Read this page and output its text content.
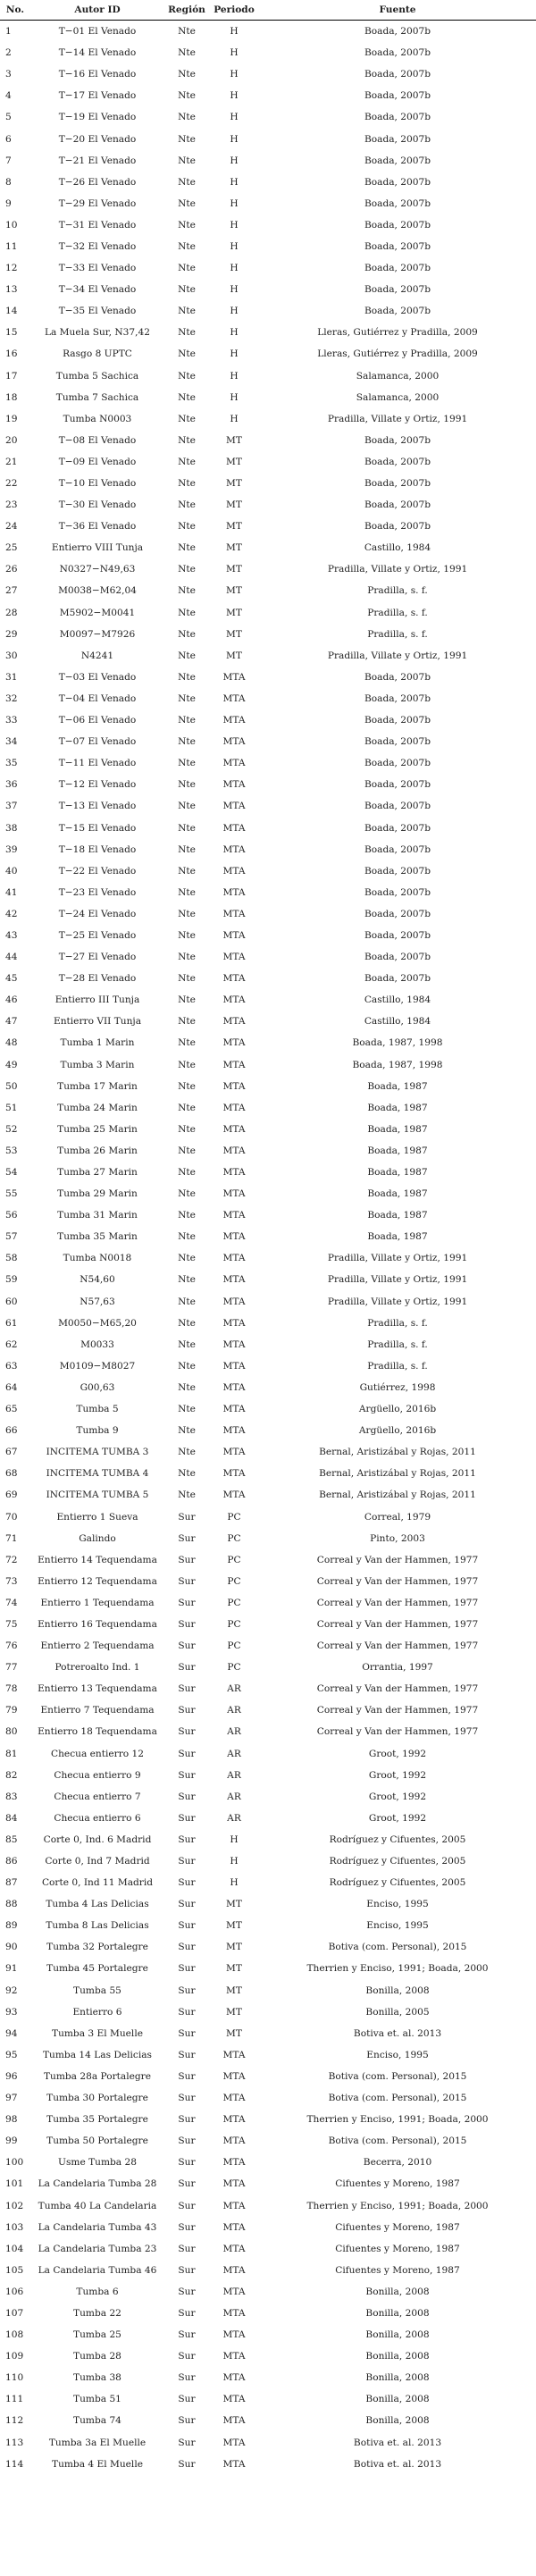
No.	Autor ID	Región	Periodo	Fuente
1	T−01 El Venado	Nte	H	Boada, 2007b
2	T−14 El Venado	Nte	H	Boada, 2007b
3	T−16 El Venado	Nte	H	Boada, 2007b
4	T−17 El Venado	Nte	H	Boada, 2007b
5	T−19 El Venado	Nte	H	Boada, 2007b
6	T−20 El Venado	Nte	H	Boada, 2007b
7	T−21 El Venado	Nte	H	Boada, 2007b
8	T−26 El Venado	Nte	H	Boada, 2007b
9	T−29 El Venado	Nte	H	Boada, 2007b
10	T−31 El Venado	Nte	H	Boada, 2007b
11	T−32 El Venado	Nte	H	Boada, 2007b
12	T−33 El Venado	Nte	H	Boada, 2007b
13	T−34 El Venado	Nte	H	Boada, 2007b
14	T−35 El Venado	Nte	H	Boada, 2007b
15	La Muela Sur, N37,42	Nte	H	Lleras, Gutiérrez y Pradilla, 2009
16	Rasgo 8 UPTC	Nte	H	Lleras, Gutiérrez y Pradilla, 2009
17	Tumba 5 Sachica	Nte	H	Salamanca, 2000
18	Tumba 7 Sachica	Nte	H	Salamanca, 2000
19	Tumba N0003	Nte	H	Pradilla, Villate y Ortiz, 1991
20	T−08 El Venado	Nte	MT	Boada, 2007b
21	T−09 El Venado	Nte	MT	Boada, 2007b
22	T−10 El Venado	Nte	MT	Boada, 2007b
23	T−30 El Venado	Nte	MT	Boada, 2007b
24	T−36 El Venado	Nte	MT	Boada, 2007b
25	Entierro VIII Tunja	Nte	MT	Castillo, 1984
26	N0327−N49,63	Nte	MT	Pradilla, Villate y Ortiz, 1991
27	M0038−M62,04	Nte	MT	Pradilla, s. f.
28	M5902−M0041	Nte	MT	Pradilla, s. f.
29	M0097−M7926	Nte	MT	Pradilla, s. f.
30	N4241	Nte	MT	Pradilla, Villate y Ortiz, 1991
31	T−03 El Venado	Nte	MTA	Boada, 2007b
32	T−04 El Venado	Nte	MTA	Boada, 2007b
33	T−06 El Venado	Nte	MTA	Boada, 2007b
34	T−07 El Venado	Nte	MTA	Boada, 2007b
35	T−11 El Venado	Nte	MTA	Boada, 2007b
36	T−12 El Venado	Nte	MTA	Boada, 2007b
37	T−13 El Venado	Nte	MTA	Boada, 2007b
38	T−15 El Venado	Nte	MTA	Boada, 2007b
39	T−18 El Venado	Nte	MTA	Boada, 2007b
40	T−22 El Venado	Nte	MTA	Boada, 2007b
41	T−23 El Venado	Nte	MTA	Boada, 2007b
42	T−24 El Venado	Nte	MTA	Boada, 2007b
43	T−25 El Venado	Nte	MTA	Boada, 2007b
44	T−27 El Venado	Nte	MTA	Boada, 2007b
45	T−28 El Venado	Nte	MTA	Boada, 2007b
46	Entierro III Tunja	Nte	MTA	Castillo, 1984
47	Entierro VII Tunja	Nte	MTA	Castillo, 1984
48	Tumba 1 Marin	Nte	MTA	Boada, 1987, 1998
49	Tumba 3 Marin	Nte	MTA	Boada, 1987, 1998
50	Tumba 17 Marin	Nte	MTA	Boada, 1987
51	Tumba 24 Marin	Nte	MTA	Boada, 1987
52	Tumba 25 Marin	Nte	MTA	Boada, 1987
53	Tumba 26 Marin	Nte	MTA	Boada, 1987
54	Tumba 27 Marin	Nte	MTA	Boada, 1987
55	Tumba 29 Marin	Nte	MTA	Boada, 1987
56	Tumba 31 Marin	Nte	MTA	Boada, 1987
57	Tumba 35 Marin	Nte	MTA	Boada, 1987
58	Tumba N0018	Nte	MTA	Pradilla, Villate y Ortiz, 1991
59	N54,60	Nte	MTA	Pradilla, Villate y Ortiz, 1991
60	N57,63	Nte	MTA	Pradilla, Villate y Ortiz, 1991
61	M0050−M65,20	Nte	MTA	Pradilla, s. f.
62	M0033	Nte	MTA	Pradilla, s. f.
63	M0109−M8027	Nte	MTA	Pradilla, s. f.
64	G00,63	Nte	MTA	Gutiérrez, 1998
65	Tumba 5	Nte	MTA	Argüello, 2016b
66	Tumba 9	Nte	MTA	Argüello, 2016b
67	INCITEMA TUMBA 3	Nte	MTA	Bernal, Aristizábal y Rojas, 2011
68	INCITEMA TUMBA 4	Nte	MTA	Bernal, Aristizábal y Rojas, 2011
69	INCITEMA TUMBA 5	Nte	MTA	Bernal, Aristizábal y Rojas, 2011
70	Entierro 1 Sueva	Sur	PC	Correal, 1979
71	Galindo	Sur	PC	Pinto, 2003
72	Entierro 14 Tequendama	Sur	PC	Correal y Van der Hammen, 1977
73	Entierro 12 Tequendama	Sur	PC	Correal y Van der Hammen, 1977
74	Entierro 1 Tequendama	Sur	PC	Correal y Van der Hammen, 1977
75	Entierro 16 Tequendama	Sur	PC	Correal y Van der Hammen, 1977
76	Entierro 2 Tequendama	Sur	PC	Correal y Van der Hammen, 1977
77	Potreroalto Ind. 1	Sur	PC	Orrantia, 1997
78	Entierro 13 Tequendama	Sur	AR	Correal y Van der Hammen, 1977
79	Entierro 7 Tequendama	Sur	AR	Correal y Van der Hammen, 1977
80	Entierro 18 Tequendama	Sur	AR	Correal y Van der Hammen, 1977
81	Checua entierro 12	Sur	AR	Groot, 1992
82	Checua entierro 9	Sur	AR	Groot, 1992
83	Checua entierro 7	Sur	AR	Groot, 1992
84	Checua entierro 6	Sur	AR	Groot, 1992
85	Corte 0, Ind. 6 Madrid	Sur	H	Rodríguez y Cifuentes, 2005
86	Corte 0, Ind 7 Madrid	Sur	H	Rodríguez y Cifuentes, 2005
87	Corte 0, Ind 11 Madrid	Sur	H	Rodríguez y Cifuentes, 2005
88	Tumba 4 Las Delicias	Sur	MT	Enciso, 1995
89	Tumba 8 Las Delicias	Sur	MT	Enciso, 1995
90	Tumba 32 Portalegre	Sur	MT	Botiva (com. Personal), 2015
91	Tumba 45 Portalegre	Sur	MT	Therrien y Enciso, 1991; Boada, 2000
92	Tumba 55	Sur	MT	Bonilla, 2008
93	Entierro 6	Sur	MT	Bonilla, 2005
94	Tumba 3 El Muelle	Sur	MT	Botiva et. al. 2013
95	Tumba 14 Las Delicias	Sur	MTA	Enciso, 1995
96	Tumba 28a Portalegre	Sur	MTA	Botiva (com. Personal), 2015
97	Tumba 30 Portalegre	Sur	MTA	Botiva (com. Personal), 2015
98	Tumba 35 Portalegre	Sur	MTA	Therrien y Enciso, 1991; Boada, 2000
99	Tumba 50 Portalegre	Sur	MTA	Botiva (com. Personal), 2015
100	Usme Tumba 28	Sur	MTA	Becerra, 2010
101	La Candelaria Tumba 28	Sur	MTA	Cifuentes y Moreno, 1987
102	Tumba 40 La Candelaria	Sur	MTA	Therrien y Enciso, 1991; Boada, 2000
103	La Candelaria Tumba 43	Sur	MTA	Cifuentes y Moreno, 1987
104	La Candelaria Tumba 23	Sur	MTA	Cifuentes y Moreno, 1987
105	La Candelaria Tumba 46	Sur	MTA	Cifuentes y Moreno, 1987
106	Tumba 6	Sur	MTA	Bonilla, 2008
107	Tumba 22	Sur	MTA	Bonilla, 2008
108	Tumba 25	Sur	MTA	Bonilla, 2008
109	Tumba 28	Sur	MTA	Bonilla, 2008
110	Tumba 38	Sur	MTA	Bonilla, 2008
111	Tumba 51	Sur	MTA	Bonilla, 2008
112	Tumba 74	Sur	MTA	Bonilla, 2008
113	Tumba 3a El Muelle	Sur	MTA	Botiva et. al. 2013
114	Tumba 4 El Muelle	Sur	MTA	Botiva et. al. 2013
